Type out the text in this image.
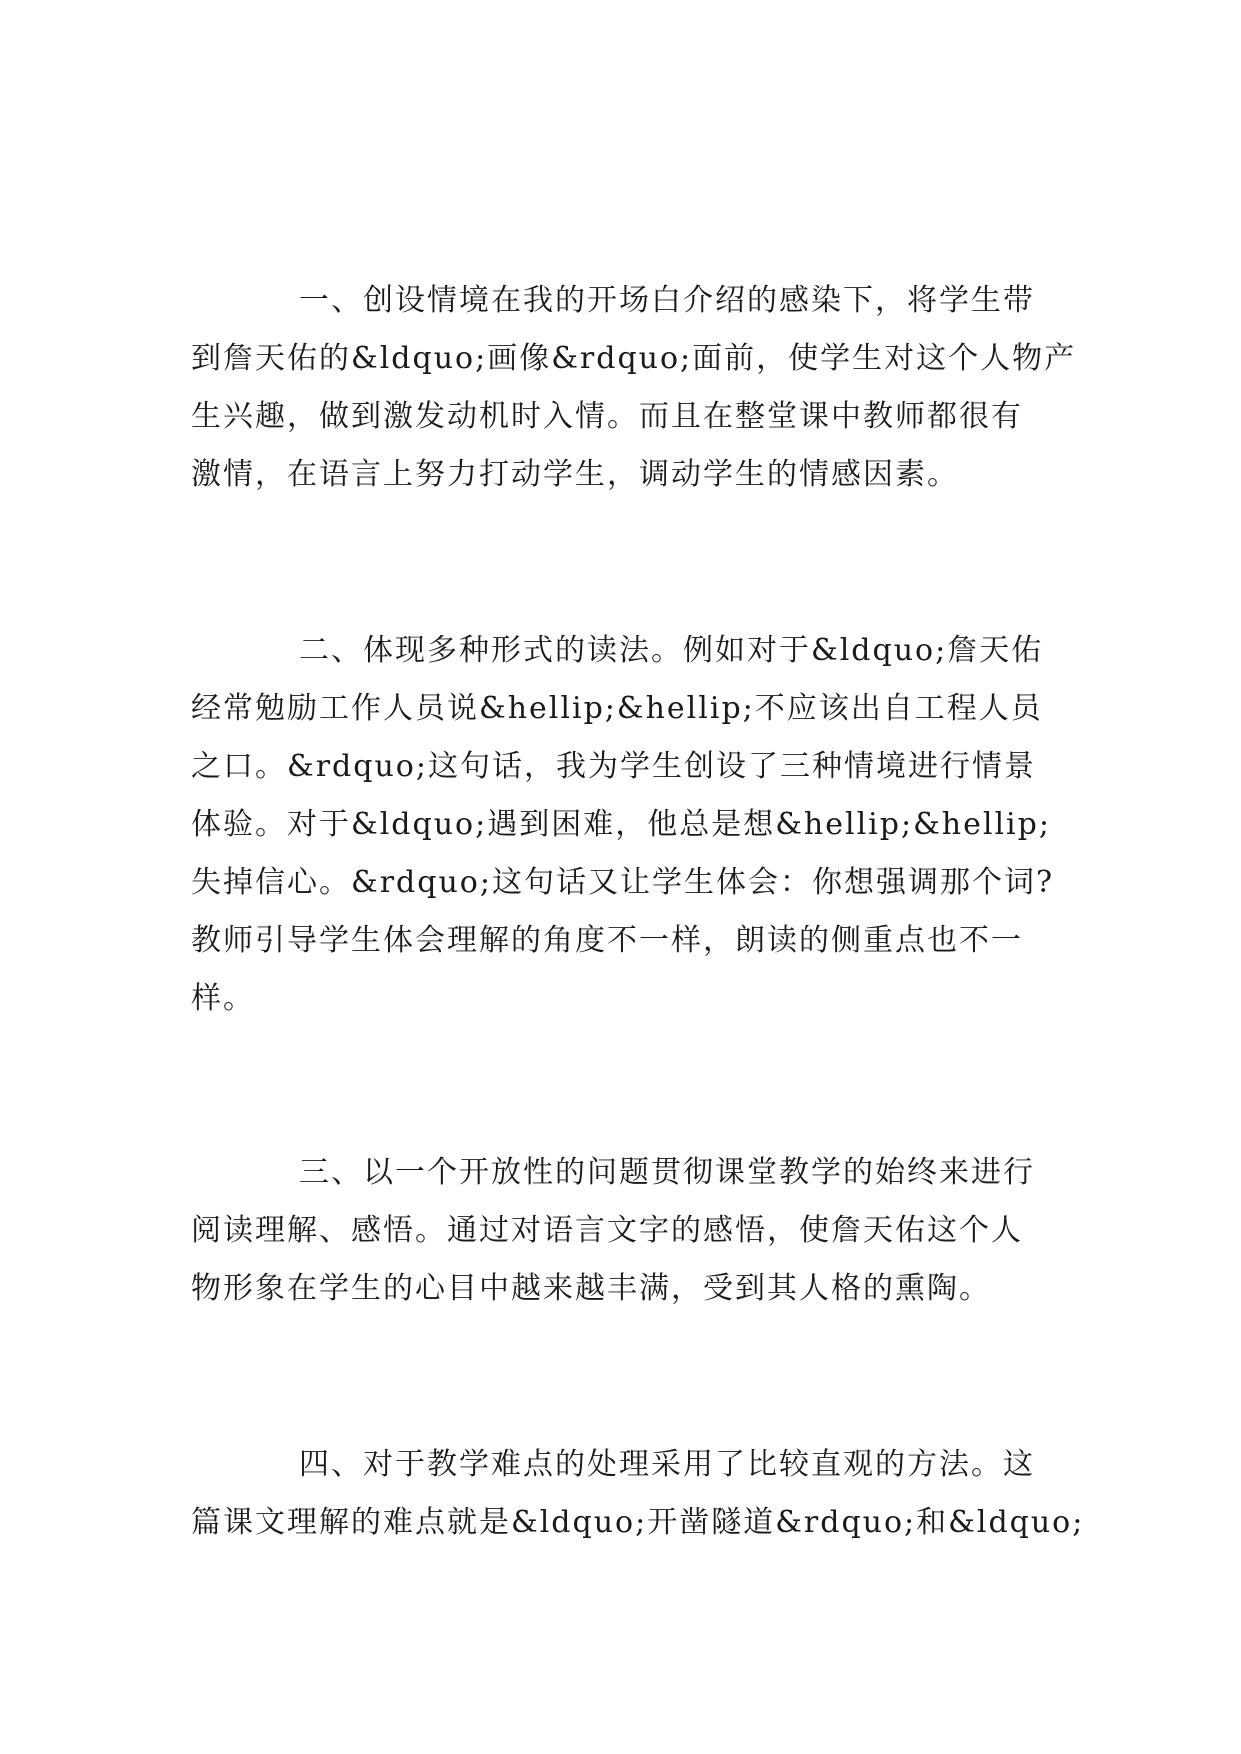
一、创设情境在我的开场白介绍的感染下，将学生带
到詹天佑的&ldquo;画像&rdquo;面前，使学生对这个人物产
生兴趣，做到激发动机时入情。而且在整堂课中教师都很有
激情，在语言上努力打动学生，调动学生的情感因素。
二、体现多种形式的读法。例如对于&ldquo;詹天佑
经常勉励工作人员说&hellip;&hellip;不应该出自工程人员
之口。&rdquo;这句话，我为学生创设了三种情境进行情景
体验。对于&ldquo;遇到困难，他总是想&hellip;&hellip;
失掉信心。&rdquo;这句话又让学生体会：你想强调那个词?
教师引导学生体会理解的角度不一样，朗读的侧重点也不一
样。
三、以一个开放性的问题贯彻课堂教学的始终来进行
阅读理解、感悟。通过对语言文字的感悟，使詹天佑这个人
物形象在学生的心目中越来越丰满，受到其人格的熏陶。
四、对于教学难点的处理采用了比较直观的方法。这
篇课文理解的难点就是&ldquo;开凿隧道&rdquo;和&ldquo;
